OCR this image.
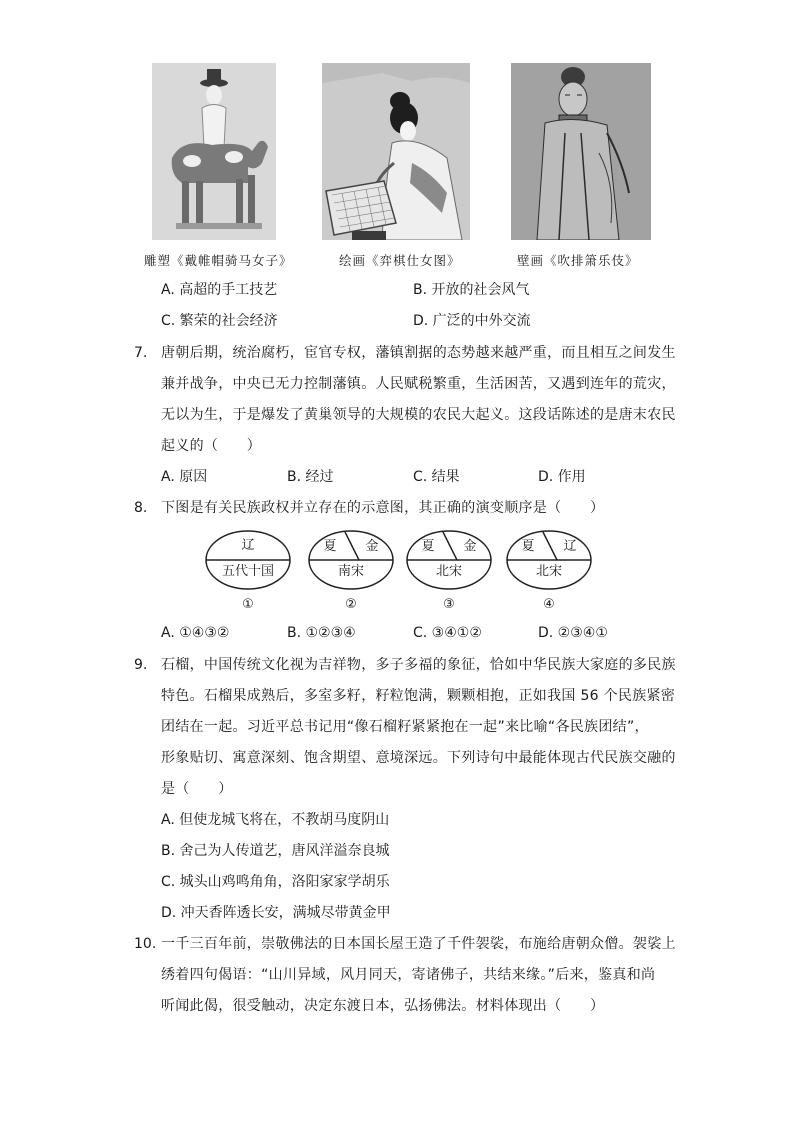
雕塑《戴帷帽骑马女子》	绘画《弈棋仕女图》	壁画《吹排箫乐伎》
A. 高超的手工技艺	B. 开放的社会风气
C. 繁荣的社会经济	D. 广泛的中外交流
7. 唐朝后期，统治腐朽，宦官专权，藩镇割据的态势越来越严重，而且相互之间发生
兼并战争，中央已无力控制藩镇。人民赋税繁重，生活困苦，又遇到连年的荒灾，
无以为生，于是爆发了黄巢领导的大规模的农民大起义。这段话陈述的是唐末农民
起义的（　　）
A. 原因	B. 经过	C. 结果	D. 作用
8. 下图是有关民族政权并立存在的示意图，其正确的演变顺序是（　　）
辽
五代十国
①
夏	金
南宋
②
夏	金
北宋
③
夏	辽
北宋
④
A. ①④③②	B. ①②③④	C. ③④①②	D. ②③④①
9. 石榴，中国传统文化视为吉祥物，多子多福的象征，恰如中华民族大家庭的多民族
特色。石榴果成熟后，多室多籽，籽粒饱满，颗颗相抱，正如我国 56 个民族紧密
团结在一起。习近平总书记用“像石榴籽紧紧抱在一起”来比喻“各民族团结”，
形象贴切、寓意深刻、饱含期望、意境深远。下列诗句中最能体现古代民族交融的
是（　　）
A. 但使龙城飞将在，不教胡马度阴山
B. 舍己为人传道艺，唐风洋溢奈良城
C. 城头山鸡鸣角角，洛阳家家学胡乐
D. 冲天香阵透长安，满城尽带黄金甲
10. 一千三百年前，崇敬佛法的日本国长屋王造了千件袈裟，布施给唐朝众僧。袈裟上
绣着四句偈语：“山川异域，风月同天，寄诸佛子，共结来缘。”后来，鉴真和尚
听闻此偈，很受触动，决定东渡日本，弘扬佛法。材料体现出（　　）
